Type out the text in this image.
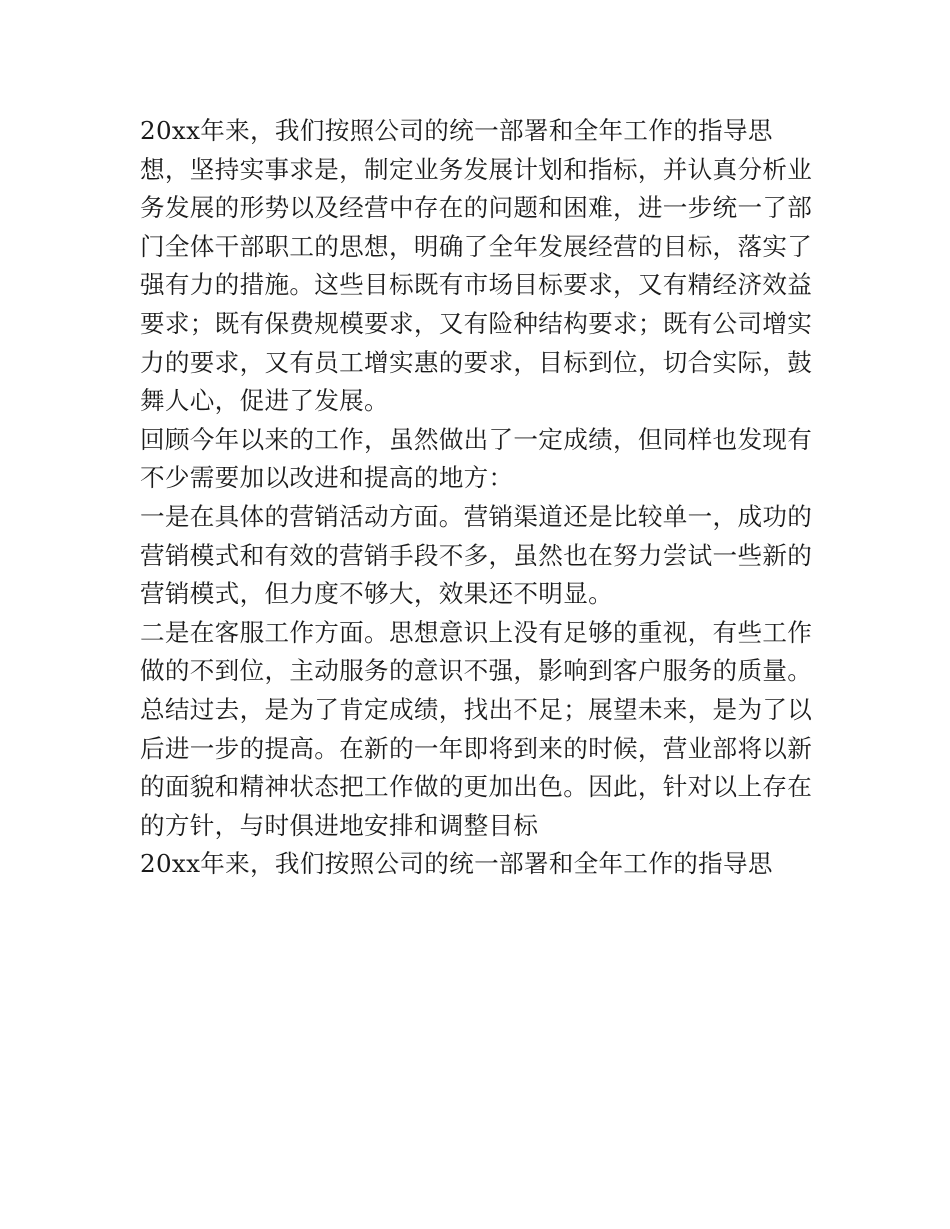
20xx年来，我们按照公司的统一部署和全年工作的指导思
想，坚持实事求是，制定业务发展计划和指标，并认真分析业
务发展的形势以及经营中存在的问题和困难，进一步统一了部
门全体干部职工的思想，明确了全年发展经营的目标，落实了
强有力的措施。这些目标既有市场目标要求，又有精经济效益
要求；既有保费规模要求，又有险种结构要求；既有公司增实
力的要求，又有员工增实惠的要求，目标到位，切合实际，鼓
舞人心，促进了发展。
回顾今年以来的工作，虽然做出了一定成绩，但同样也发现有
不少需要加以改进和提高的地方：
一是在具体的营销活动方面。营销渠道还是比较单一，成功的
营销模式和有效的营销手段不多，虽然也在努力尝试一些新的
营销模式，但力度不够大，效果还不明显。
二是在客服工作方面。思想意识上没有足够的重视，有些工作
做的不到位，主动服务的意识不强，影响到客户服务的质量。
总结过去，是为了肯定成绩，找出不足；展望未来，是为了以
后进一步的提高。在新的一年即将到来的时候，营业部将以新
的面貌和精神状态把工作做的更加出色。因此，针对以上存在
的方针，与时俱进地安排和调整目标
20xx年来，我们按照公司的统一部署和全年工作的指导思
